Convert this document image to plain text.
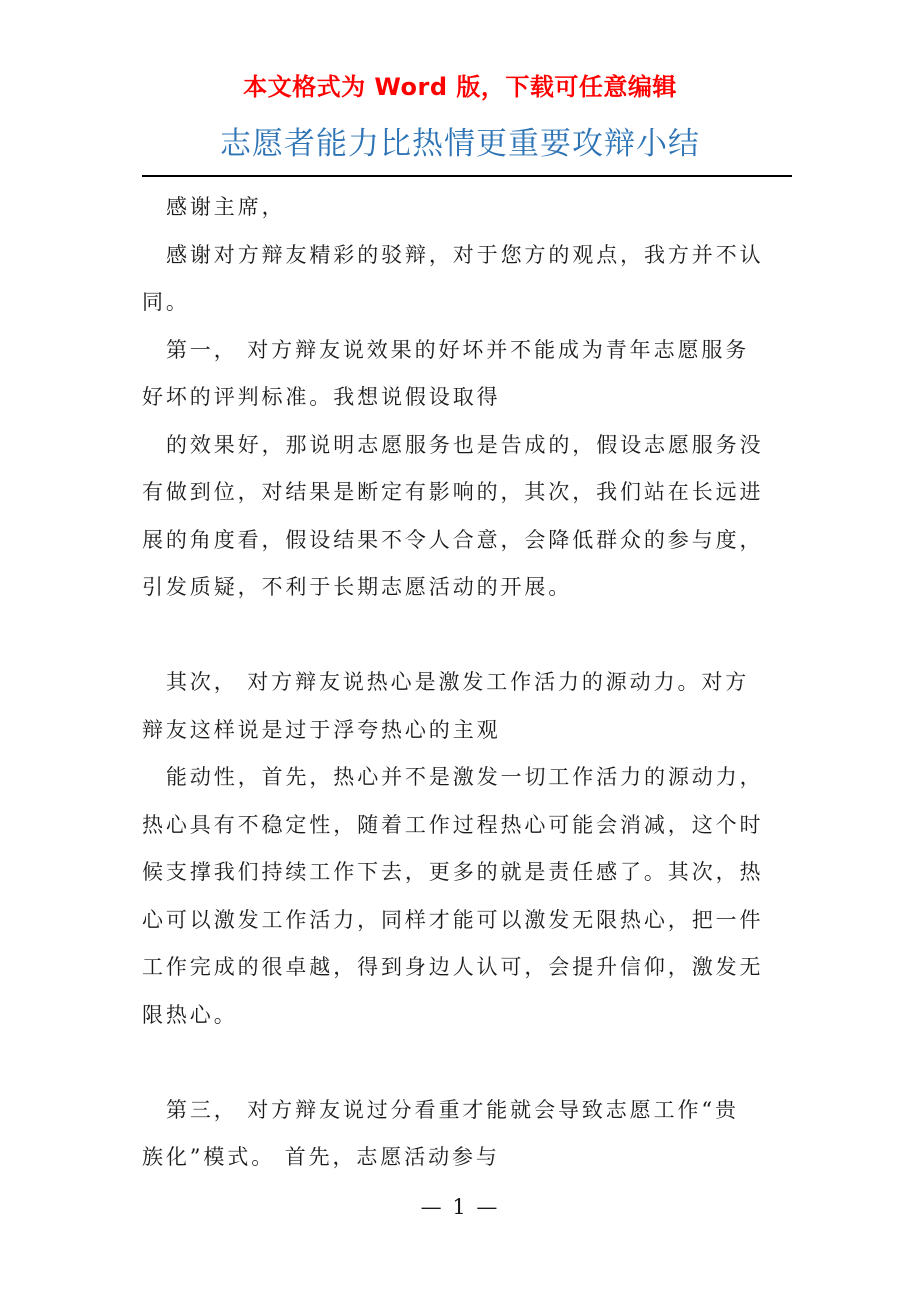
本文格式为 Word 版，下载可任意编辑
志愿者能力比热情更重要攻辩小结
感谢主席，
感谢对方辩友精彩的驳辩，对于您方的观点，我方并不认
同。
第一， 对方辩友说效果的好坏并不能成为青年志愿服务
好坏的评判标准。我想说假设取得
的效果好，那说明志愿服务也是告成的，假设志愿服务没
有做到位，对结果是断定有影响的，其次，我们站在长远进
展的角度看，假设结果不令人合意，会降低群众的参与度，
引发质疑，不利于长期志愿活动的开展。
其次， 对方辩友说热心是激发工作活力的源动力。对方
辩友这样说是过于浮夸热心的主观
能动性，首先，热心并不是激发一切工作活力的源动力，
热心具有不稳定性，随着工作过程热心可能会消减，这个时
候支撑我们持续工作下去，更多的就是责任感了。其次，热
心可以激发工作活力，同样才能可以激发无限热心，把一件
工作完成的很卓越，得到身边人认可，会提升信仰，激发无
限热心。
第三， 对方辩友说过分看重才能就会导致志愿工作“贵
族化”模式。 首先，志愿活动参与
— 1 —
